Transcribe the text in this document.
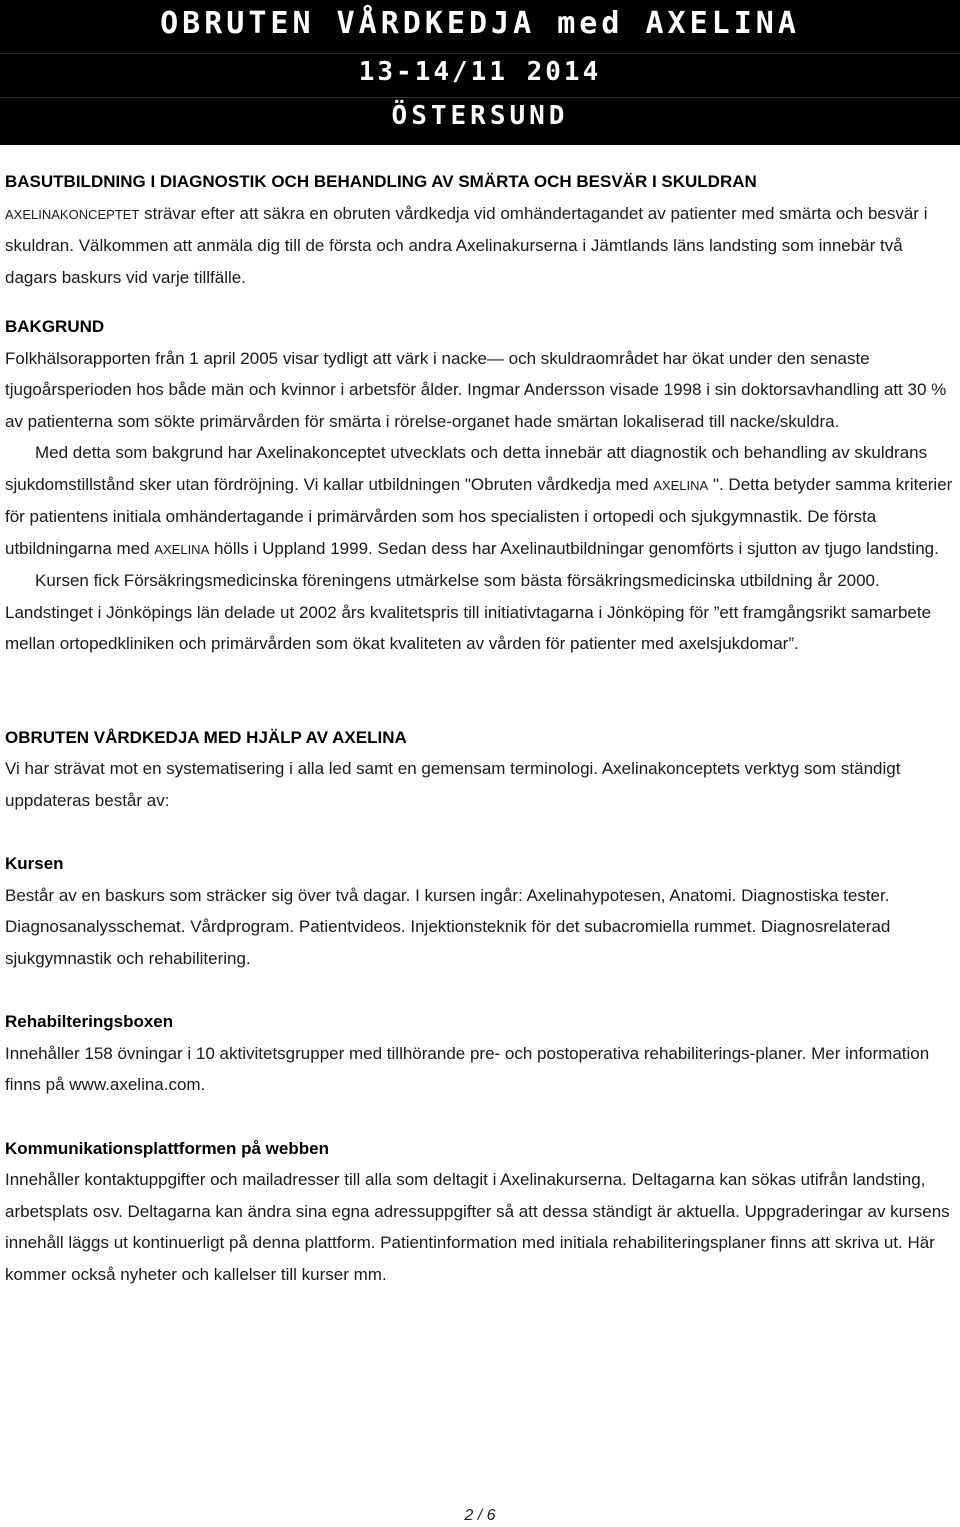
OBRUTEN VÅRDKEDJA med AXELINA
13-14/11 2014
ÖSTERSUND

BASUTBILDNING I DIAGNOSTIK OCH BEHANDLING AV SMÄRTA OCH BESVÄR I SKULDRAN

AXELINAKONCEPTET strävar efter att säkra en obruten vårdkedja vid omhändertagandet av patienter med smärta och besvär i skuldran. Välkommen att anmäla dig till de första och andra Axelinakurserna i Jämtlands läns landsting som innebär två dagars baskurs vid varje tillfälle.

BAKGRUND

Folkhälsorapporten från 1 april 2005 visar tydligt att värk i nacke— och skuldraområdet har ökat under den senaste tjugoårsperioden hos både män och kvinnor i arbetsför ålder. Ingmar Andersson visade 1998 i sin doktorsavhandling att 30 % av patienterna som sökte primärvården för smärta i rörelse-organet hade smärtan lokaliserad till nacke/skuldra.

Med detta som bakgrund har Axelinakonceptet utvecklats och detta innebär att diagnostik och behandling av skuldrans sjukdomstillstånd sker utan fördröjning. Vi kallar utbildningen "Obruten vårdkedja med AXELINA ". Detta betyder samma kriterier för patientens initiala omhändertagande i primärvården som hos specialisten i ortopedi och sjukgymnastik. De första utbildningarna med AXELINA hölls i Uppland 1999. Sedan dess har Axelinautbildningar genomförts i sjutton av tjugo landsting.

Kursen fick Försäkringsmedicinska föreningens utmärkelse som bästa försäkringsmedicinska utbildning år 2000. Landstinget i Jönköpings län delade ut 2002 års kvalitetspris till initiativtagarna i Jönköping för ”ett framgångsrikt samarbete mellan ortopedkliniken och primärvården som ökat kvaliteten av vården för patienter med axelsjukdomar”.

OBRUTEN VÅRDKEDJA MED HJÄLP AV AXELINA

Vi har strävat mot en systematisering i alla led samt en gemensam terminologi. Axelinakonceptets verktyg som ständigt uppdateras består av:

Kursen

Består av en baskurs som sträcker sig över två dagar. I kursen ingår: Axelinahypotesen, Anatomi. Diagnostiska tester. Diagnosanalysschemat. Vårdprogram. Patientvideos. Injektionsteknik för det subacromiella rummet. Diagnosrelaterad sjukgymnastik och rehabilitering.

Rehabilteringsboxen

Innehåller 158 övningar i 10 aktivitetsgrupper med tillhörande pre- och postoperativa rehabiliterings-planer. Mer information finns på www.axelina.com.

Kommunikationsplattformen på webben

Innehåller kontaktuppgifter och mailadresser till alla som deltagit i Axelinakurserna. Deltagarna kan sökas utifrån landsting, arbetsplats osv. Deltagarna kan ändra sina egna adressuppgifter så att dessa ständigt är aktuella. Uppgraderingar av kursens innehåll läggs ut kontinuerligt på denna plattform. Patientinformation med initiala rehabiliteringsplaner finns att skriva ut. Här kommer också nyheter och kallelser till kurser mm.

2 / 6
